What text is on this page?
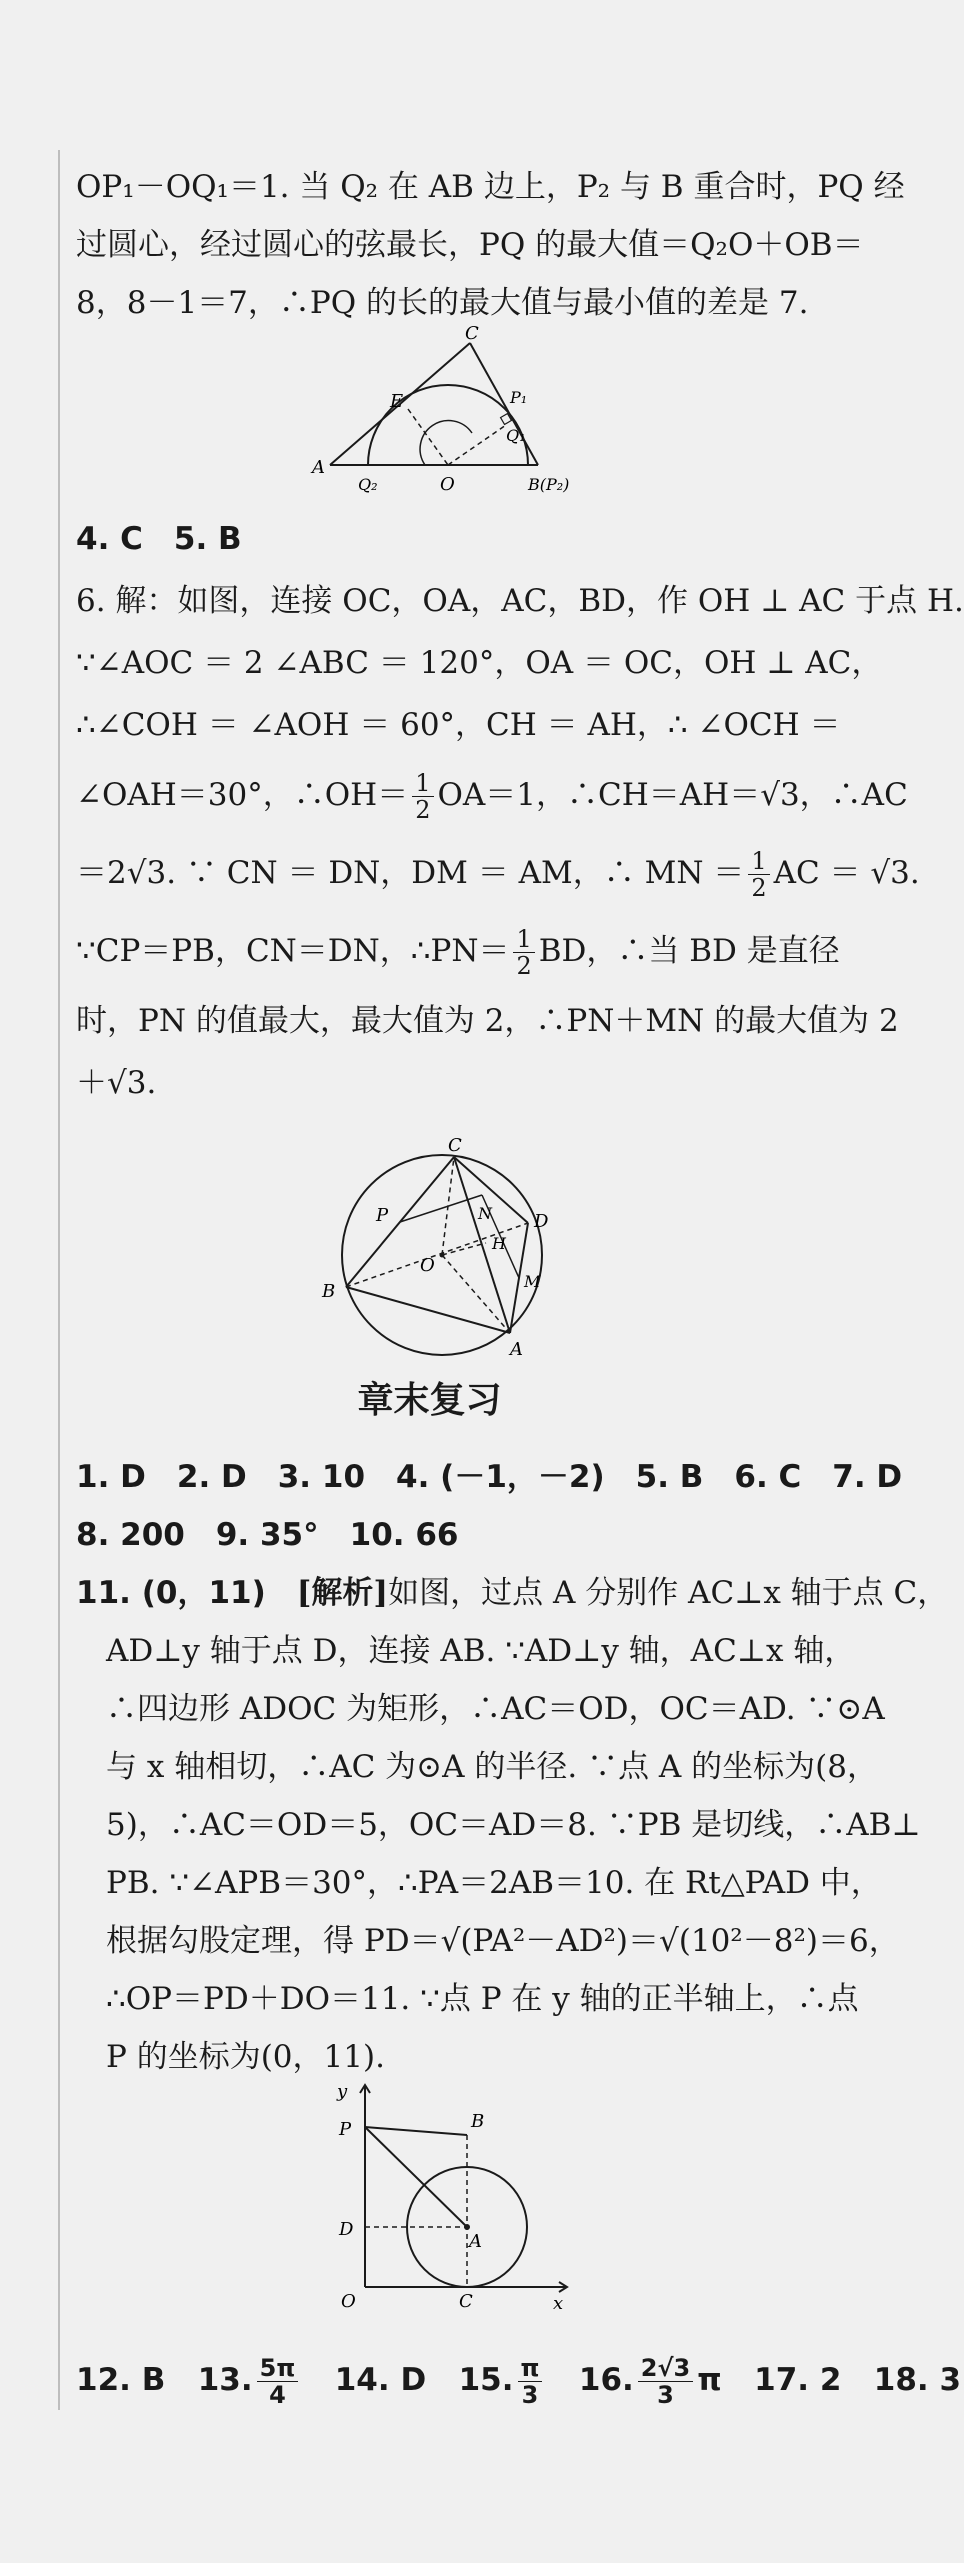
OP₁－OQ₁＝1. 当 Q₂ 在 AB 边上，P₂ 与 B 重合时，PQ 经

过圆心，经过圆心的弦最长，PQ 的最大值＝Q₂O＋OB＝

8，8－1＝7，∴PQ 的长的最大值与最小值的差是 7.

C
E	P₁
Q₁
A
Q₂	O	B(P₂)

4. C　5. B

6. 解：如图，连接 OC，OA，AC，BD，作 OH ⊥ AC 于点 H.

∵∠AOC ＝ 2 ∠ABC ＝ 120°，OA ＝ OC，OH ⊥ AC，

∴∠COH ＝ ∠AOH ＝ 60°，CH ＝ AH，∴ ∠OCH ＝

∠OAH＝30°，∴OH＝ $\frac{1}{2} OA=1$，∴CH＝AH＝√3，∴AC

＝2√3. ∵ CN ＝ DN，DM ＝ AM，∴ MN ＝ $\frac{1}{2}$ AC ＝ √3.

∵CP＝PB，CN＝DN，∴PN＝ $\frac{1}{2}$ BD，∴当 BD 是直径

时，PN 的值最大，最大值为 2，∴PN＋MN 的最大值为 2

＋√3.

C
P	N D
H
O
B	M
A
章末复习

1. D　2. D　3. 10　4. (－1，－2)　5. B　6. C　7. D

8. 200　9. 35°　10. 66

11. (0，11)　[解析]如图，过点 A 分别作 AC⊥x 轴于点 C，

AD⊥y 轴于点 D，连接 AB. ∵AD⊥y 轴，AC⊥x 轴，

∴四边形 ADOC 为矩形，∴AC＝OD，OC＝AD. ∵⊙A

与 x 轴相切，∴AC 为⊙A 的半径. ∵点 A 的坐标为(8，

5)，∴AC＝OD＝5，OC＝AD＝8. ∵PB 是切线，∴AB⊥

PB. ∵∠APB＝30°，∴PA＝2AB＝10. 在 Rt△PAD 中，

根据勾股定理，得 PD＝√(PA²－AD²)＝√(10²－8²)＝6，

∴OP＝PD＋DO＝11. ∵点 P 在 y 轴的正半轴上，∴点

P 的坐标为(0，11).

y
P	B
D
A
O	C	x

12. B 13. $\frac{5\pi}{4} 14$. D 15. $\frac{\pi}{3} 16$. $\frac{2√3}{3}$ π 17. 2 18. 3
